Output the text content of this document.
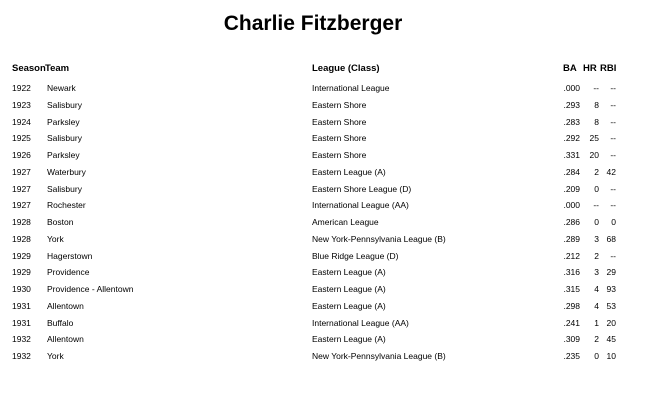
Charlie Fitzberger
Season Team	League (Class)	BA HR RBI
1922 Newark	International League	.000	--	--
1923 Salisbury	Eastern Shore	.293	8	--
1924 Parksley	Eastern Shore	.283	8	--
1925 Salisbury	Eastern Shore	.292	25	--
1926 Parksley	Eastern Shore	.331	20	--
1927 Waterbury	Eastern League (A)	.284	2 42
1927 Salisbury	Eastern Shore League (D)	.209	0	--
1927 Rochester	International League (AA)	.000	--	--
1928 Boston	American League	.286	0	0
1928 York	New York-Pennsylvania League (B)	.289	3 68
1929 Hagerstown	Blue Ridge League (D)	.212	2	--
1929 Providence	Eastern League (A)	.316	3 29
1930 Providence - Allentown	Eastern League (A)	.315	4 93
1931 Allentown	Eastern League (A)	.298	4 53
1931 Buffalo	International League (AA)	.241	1 20
1932 Allentown	Eastern League (A)	.309	2 45
1932 York	New York-Pennsylvania League (B)	.235	0 10
